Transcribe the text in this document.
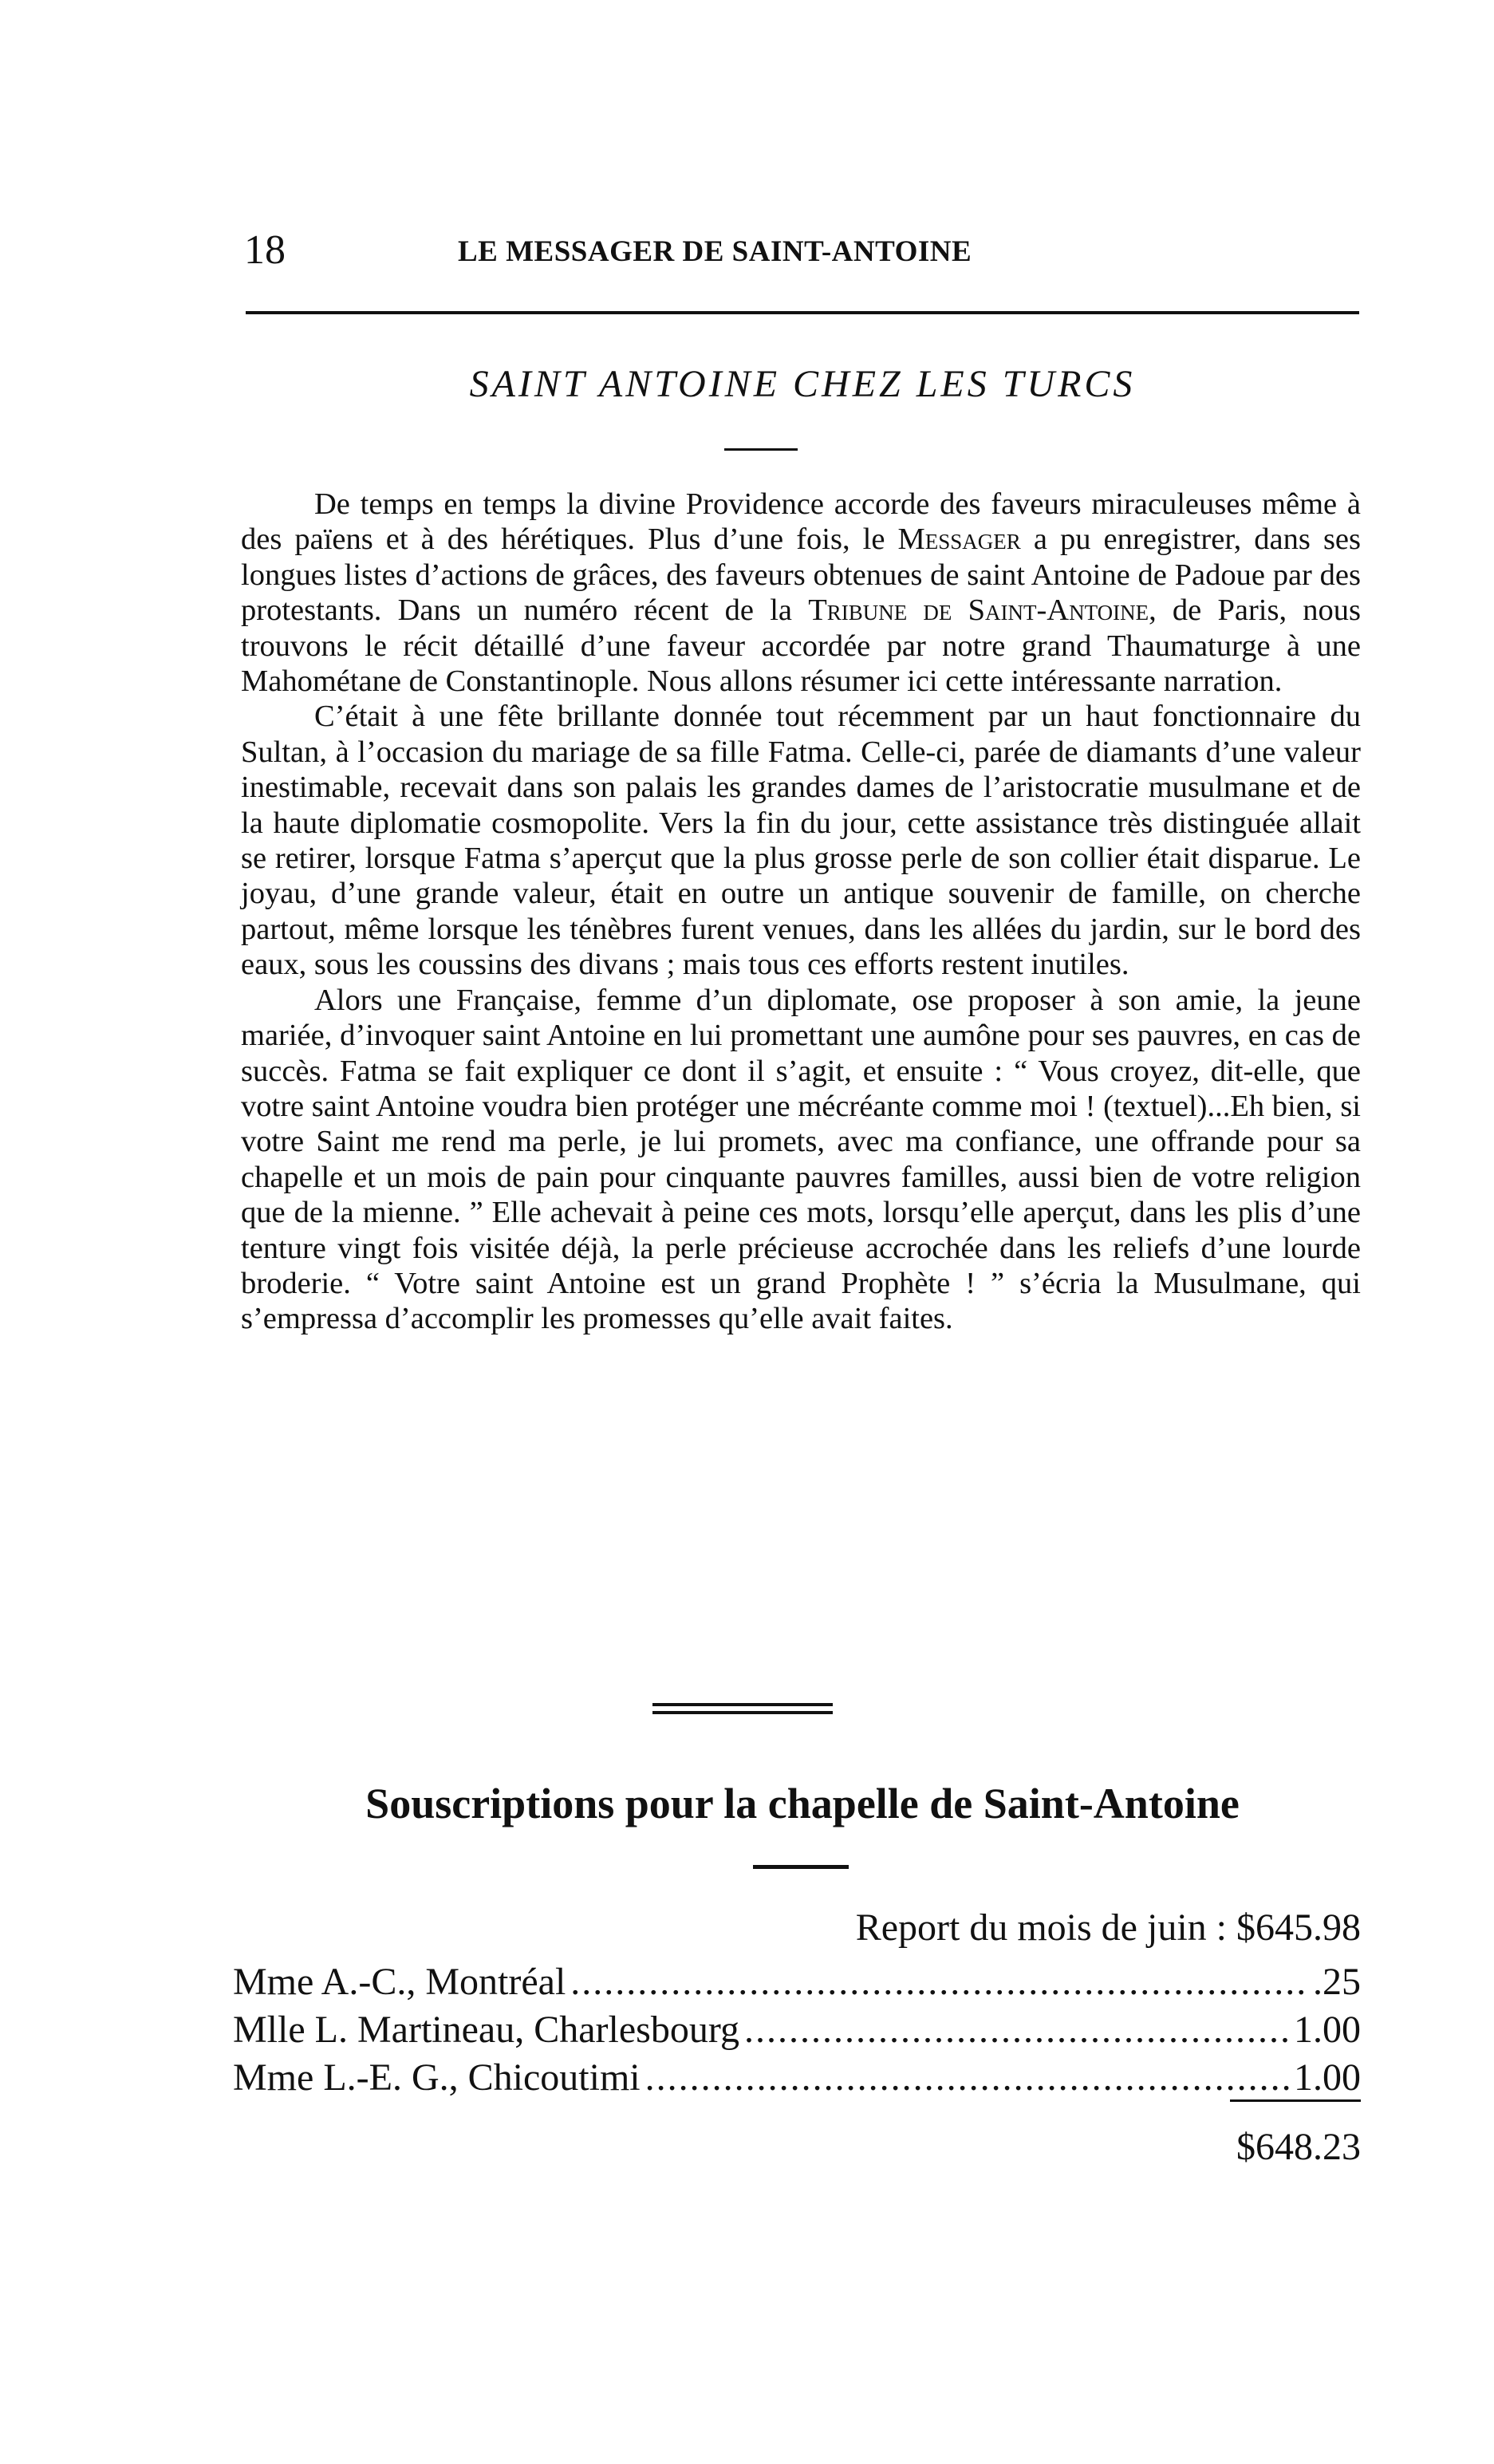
18	LE MESSAGER DE SAINT-ANTOINE
SAINT ANTOINE CHEZ LES TURCS

De temps en temps la divine Providence accorde des faveurs miraculeuses même à des païens et à des hérétiques. Plus d’une fois, le Messager a pu enregistrer, dans ses longues listes d’actions de grâces, des faveurs obtenues de saint Antoine de Padoue par des protestants. Dans un numéro récent de la Tribune de Saint-Antoine, de Paris, nous trouvons le récit détaillé d’une faveur accordée par notre grand Thaumaturge à une Mahométane de Constantinople. Nous allons résumer ici cette intéressante narration.

C’était à une fête brillante donnée tout récemment par un haut fonctionnaire du Sultan, à l’occasion du mariage de sa fille Fatma. Celle-ci, parée de diamants d’une valeur inestimable, recevait dans son palais les grandes dames de l’aristocratie musulmane et de la haute diplomatie cosmopolite. Vers la fin du jour, cette assistance très distinguée allait se retirer, lorsque Fatma s’aperçut que la plus grosse perle de son collier était disparue. Le joyau, d’une grande valeur, était en outre un antique souvenir de famille, on cherche partout, même lorsque les ténèbres furent venues, dans les allées du jardin, sur le bord des eaux, sous les coussins des divans ; mais tous ces efforts restent inutiles.

Alors une Française, femme d’un diplomate, ose proposer à son amie, la jeune mariée, d’invoquer saint Antoine en lui promettant une aumône pour ses pauvres, en cas de succès. Fatma se fait expliquer ce dont il s’agit, et ensuite : “ Vous croyez, dit-elle, que votre saint Antoine voudra bien protéger une mécréante comme moi ! (textuel)...Eh bien, si votre Saint me rend ma perle, je lui promets, avec ma confiance, une offrande pour sa chapelle et un mois de pain pour cinquante pauvres familles, aussi bien de votre religion que de la mienne. ” Elle achevait à peine ces mots, lorsqu’elle aperçut, dans les plis d’une tenture vingt fois visitée déjà, la perle précieuse accrochée dans les reliefs d’une lourde broderie. “ Votre saint Antoine est un grand Prophète ! ” s’écria la Musulmane, qui s’empressa d’accomplir les promesses qu’elle avait faites.

Souscriptions pour la chapelle de Saint-Antoine
Report du mois de juin : $645.98
Mme A.-C., Montréal .....	.25
Mlle L. Martineau, Charlesbourg .....	1.00
Mme L.-E. G., Chicoutimi .....	1.00
$648.23
